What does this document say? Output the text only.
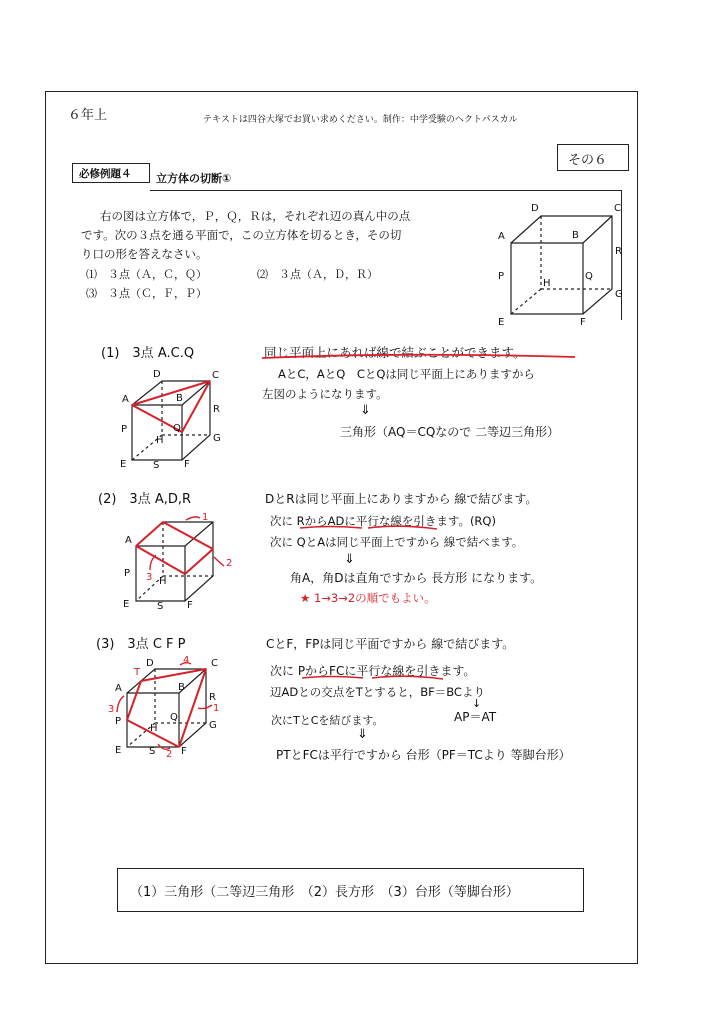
６年上	テキストは四谷大塚でお買い求めください。制作：中学受験のヘクトパスカル
その６
必修例題４ 立方体の切断①
右の図は立方体で，Ｐ，Ｑ，Ｒは，それぞれ辺の真ん中の点
です。次の３点を通る平面で，この立方体を切るとき，その切
り口の形を答えなさい。
⑴　３点（Ａ，Ｃ，Ｑ）	⑵　３点（Ａ，Ｄ，Ｒ）
⑶　３点（Ｃ，Ｆ，Ｐ）
D	C
A	B
R
P	Q
H
G
E	F
(1)　3点 A.C.Q	同じ平面上にあれば線で結ぶことができます。
AとC，AとQ　CとQは同じ平面上にありますから
左図のようになります。
⇓
三角形（AQ＝CQなので 二等辺三角形）
D	C
A	B
R
P	Q
H	G
E	S F
(2)　3点 A,D,R	DとRは同じ平面上にありますから 線で結びます。
次に RからADに平行な線を引きます。(RQ)
次に QとAは同じ平面上ですから 線で結べます。
⇓
角A，角Dは直角ですから 長方形 になります。
★ 1→3→2の順でもよい。
1
2
3
A
P
H
E	S F
(3)　3点 C F P	CとF，FPは同じ平面ですから 線で結びます。
次に PからFCに平行な線を引きます。
辺ADとの交点をTとすると，BF＝BCより
↓
AP＝AT
次にTとCを結びます。
⇓
PTとFCは平行ですから 台形（PF＝TCより 等脚台形）
D	C
T
4
A	B
R
1
3
P	Q
H	G
E	S 2 F
（1）三角形（二等辺三角形　（2）長方形　（3）台形（等脚台形）
